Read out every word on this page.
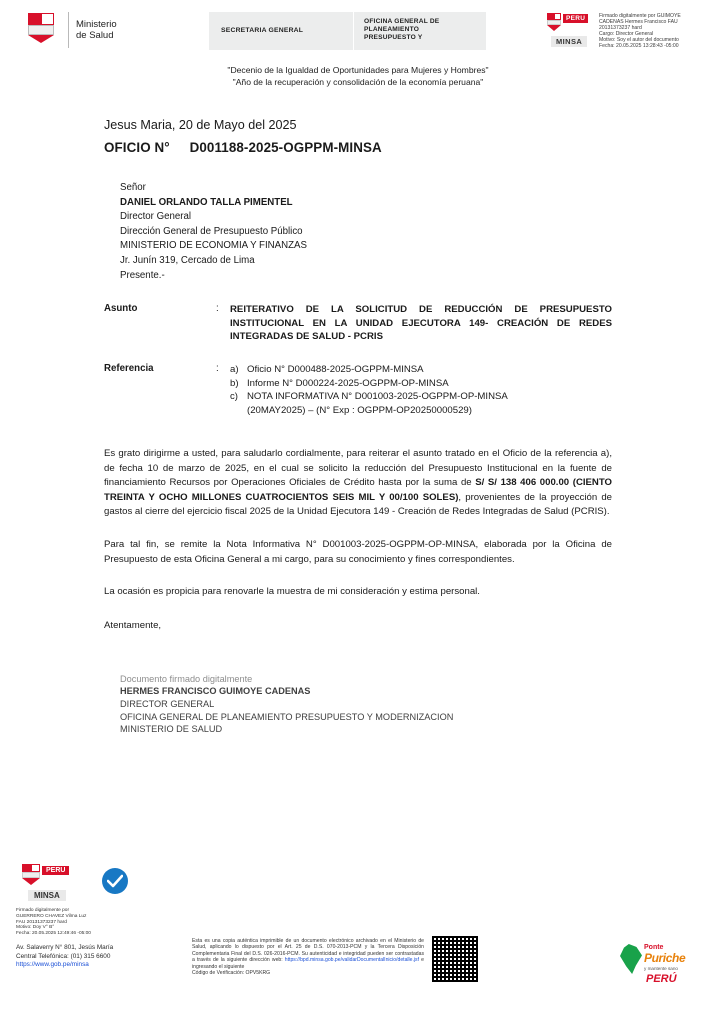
Ministerio
de Salud	SECRETARIA GENERAL
OFICINA GENERAL DE
PLANEAMIENTO
PRESUPUESTO Y
PERU
MINSA
Firmado digitalmente por GUIMOYE
CADENAS Hermes Francisco FAU
20131373237 hard
Cargo: Director General
Motivo: Soy el autor del documento
Fecha: 20.05.2025 13:28:43 -05:00
"Decenio de la Igualdad de Oportunidades para Mujeres y Hombres"
"Año de la recuperación y consolidación de la economía peruana"
Jesus Maria, 20 de Mayo del 2025
OFICIO N° D001188-2025-OGPPM-MINSA
Señor
DANIEL ORLANDO TALLA PIMENTEL
Director General
Dirección General de Presupuesto Público
MINISTERIO DE ECONOMIA Y FINANZAS
Jr. Junín 319, Cercado de Lima
Presente.-
Asunto	:	REITERATIVO DE LA SOLICITUD DE REDUCCIÓN DE PRESUPUESTO INSTITUCIONAL EN LA UNIDAD EJECUTORA 149- CREACIÓN DE REDES INTEGRADAS DE SALUD - PCRIS
Referencia	:	a) Oficio N° D000488-2025-OGPPM-MINSA
b) Informe N° D000224-2025-OGPPM-OP-MINSA
c) NOTA INFORMATIVA N° D001003-2025-OGPPM-OP-MINSA
(20MAY2025) – (N° Exp : OGPPM-OP20250000529)
Es grato dirigirme a usted, para saludarlo cordialmente, para reiterar el asunto tratado en el Oficio de la referencia a), de fecha 10 de marzo de 2025, en el cual se solicito la reducción del Presupuesto Institucional en la fuente de financiamiento Recursos por Operaciones Oficiales de Crédito hasta por la suma de S/ S/ 138 406 000.00 (CIENTO TREINTA Y OCHO MILLONES CUATROCIENTOS SEIS MIL Y 00/100 SOLES), provenientes de la proyección de gastos al cierre del ejercicio fiscal 2025 de la Unidad Ejecutora 149 - Creación de Redes Integradas de Salud (PCRIS).
Para tal fin, se remite la Nota Informativa N° D001003-2025-OGPPM-OP-MINSA, elaborada por la Oficina de Presupuesto de esta Oficina General a mi cargo, para su conocimiento y fines correspondientes.
La ocasión es propicia para renovarle la muestra de mi consideración y estima personal.
Atentamente,
Documento firmado digitalmente
HERMES FRANCISCO GUIMOYE CADENAS
DIRECTOR GENERAL
OFICINA GENERAL DE PLANEAMIENTO PRESUPUESTO Y MODERNIZACION
MINISTERIO DE SALUD
PERU
MINSA
Firmado digitalmente por
GUERRERO CHAVEZ Vilma Luz
FAU 20131373237 hard
Motivo: Doy V° B°
Fecha: 20.05.2025 12:49:46 -05:00
Av. Salaverry N° 801, Jesús María
Central Telefónica: (01) 315 6600
https://www.gob.pe/minsa
Esta es una copia auténtica imprimible de un documento electrónico archivado en el Ministerio de Salud, aplicando lo dispuesto por el Art. 25 de D.S. 070-2013-PCM y la Tercera Disposición Complementaria Final del D.S. 026-2016-PCM. Su autenticidad e integridad pueden ser contrastadas a través de la siguiente dirección web: https://bpd.minsa.gob.pe/validarDocumentalInicio/detalle.jsf e ingresando el siguiente
Código de Verificación: OPV5KRG
Ponte
Puriche
y mantente sano
PERÚ
